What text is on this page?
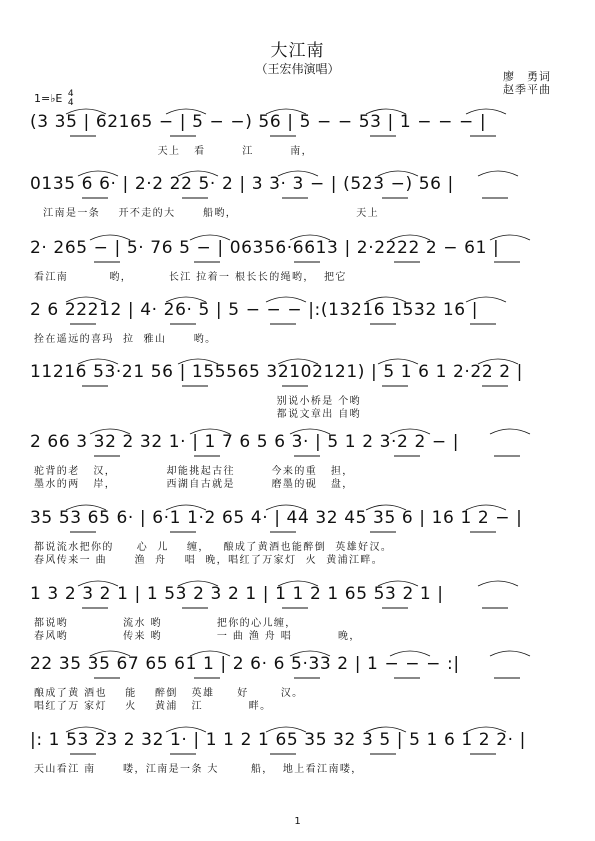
大江南
（王宏伟演唱）
1=♭E 4
4
廖　勇词
赵季平曲
(3 35 | 62165 − | 5 − −) 56 | 5 − − 53 | 1 − − − |
天上   看        江        南，
0135 6 6· | 2·2 22 5· 2 | 3 3· 3 − | (523 −) 56 |
江南是一条    开不走的大      船哟，                          天上
2· 265 − | 5· 76 5 − | 06356·6613 | 2·2222 2 − 61 |
看江南         哟，        长江 拉着一 根长长的绳哟，  把它
2 6 22212 | 4· 26· 5 | 5 − − − |:(13216 1532 16 |
拴在遥远的喜玛  拉  雅山      哟。
11216 53·21 56 | 155565 32102121) | 5 1 6 1 2·22 2 |
别说小桥是 个哟
都说文章出 自哟
2 66 3 32 2 32 1· | 1 7 6 5 6 3· | 5 1 2 3·2 2 − |
驼背的老   汉，           却能挑起古往        今来的重   担，
墨水的两   岸，           西湖自古就是        磨墨的砚   盘，
35 53 65 6· | 6·1 1·2 65 4· | 44 32 45 35 6 | 16 1 2 − |
都说流水把你的     心  儿    缠，   酿成了黄酒也能醉倒  英雄好汉。
春风传来一 曲      渔  舟    唱  晚，唱红了万家灯  火  黄浦江畔。
1 3 2 3 2 1 | 1 53 2 3 2 1 | 1 1 2 1 65 53 2 1 |
都说哟            流水 哟            把你的心儿缠，
春风哟            传来 哟            一 曲 渔 舟 唱          晚，
22 35 35 67 65 61 1 | 2 6· 6 5·33 2 | 1 − − − :|
酿成了黄 酒也    能    醉倒   英雄     好       汉。
唱红了万 家灯    火    黄浦   江          畔。
|: 1 53 23 2 32 1· | 1 1 2 1 65 35 32 3 5 | 5 1 6 1 2 2· |
天山看江 南      喽，江南是一条 大       船，  地上看江南喽，
1
